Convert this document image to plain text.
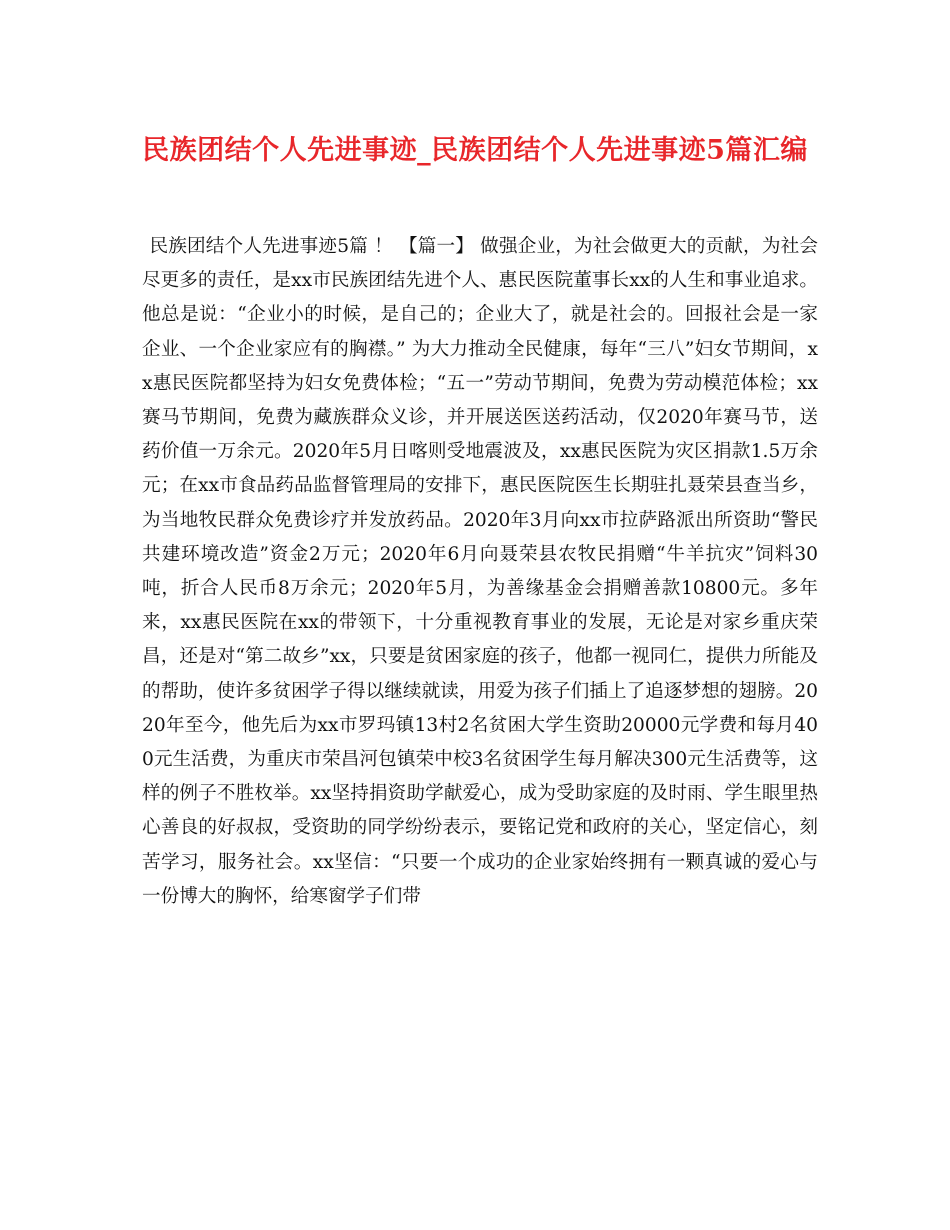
民族团结个人先进事迹_民族团结个人先进事迹5篇汇编

民族团结个人先进事迹5篇 ！ 【篇一】 做强企业，为社会做更大的贡献，为社会尽更多的责任，是xx市民族团结先进个人、惠民医院董事长xx的人生和事业追求。他总是说：“企业小的时候，是自己的；企业大了，就是社会的。回报社会是一家企业、一个企业家应有的胸襟。” 为大力推动全民健康，每年“三八”妇女节期间，xx惠民医院都坚持为妇女免费体检；“五一”劳动节期间，免费为劳动模范体检；xx赛马节期间，免费为藏族群众义诊，并开展送医送药活动，仅2020年赛马节，送药价值一万余元。2020年5月日喀则受地震波及，xx惠民医院为灾区捐款1.5万余元；在xx市食品药品监督管理局的安排下，惠民医院医生长期驻扎聂荣县查当乡，为当地牧民群众免费诊疗并发放药品。2020年3月向xx市拉萨路派出所资助“警民共建环境改造”资金2万元；2020年6月向聂荣县农牧民捐赠“牛羊抗灾”饲料30吨，折合人民币8万余元；2020年5月，为善缘基金会捐赠善款10800元。多年来，xx惠民医院在xx的带领下，十分重视教育事业的发展，无论是对家乡重庆荣昌，还是对“第二故乡”xx，只要是贫困家庭的孩子，他都一视同仁，提供力所能及的帮助，使许多贫困学子得以继续就读，用爱为孩子们插上了追逐梦想的翅膀。2020年至今，他先后为xx市罗玛镇13村2名贫困大学生资助20000元学费和每月400元生活费，为重庆市荣昌河包镇荣中校3名贫困学生每月解决300元生活费等，这样的例子不胜枚举。xx坚持捐资助学献爱心，成为受助家庭的及时雨、学生眼里热心善良的好叔叔，受资助的同学纷纷表示，要铭记党和政府的关心，坚定信心，刻苦学习，服务社会。xx坚信：“只要一个成功的企业家始终拥有一颗真诚的爱心与一份博大的胸怀，给寒窗学子们带
